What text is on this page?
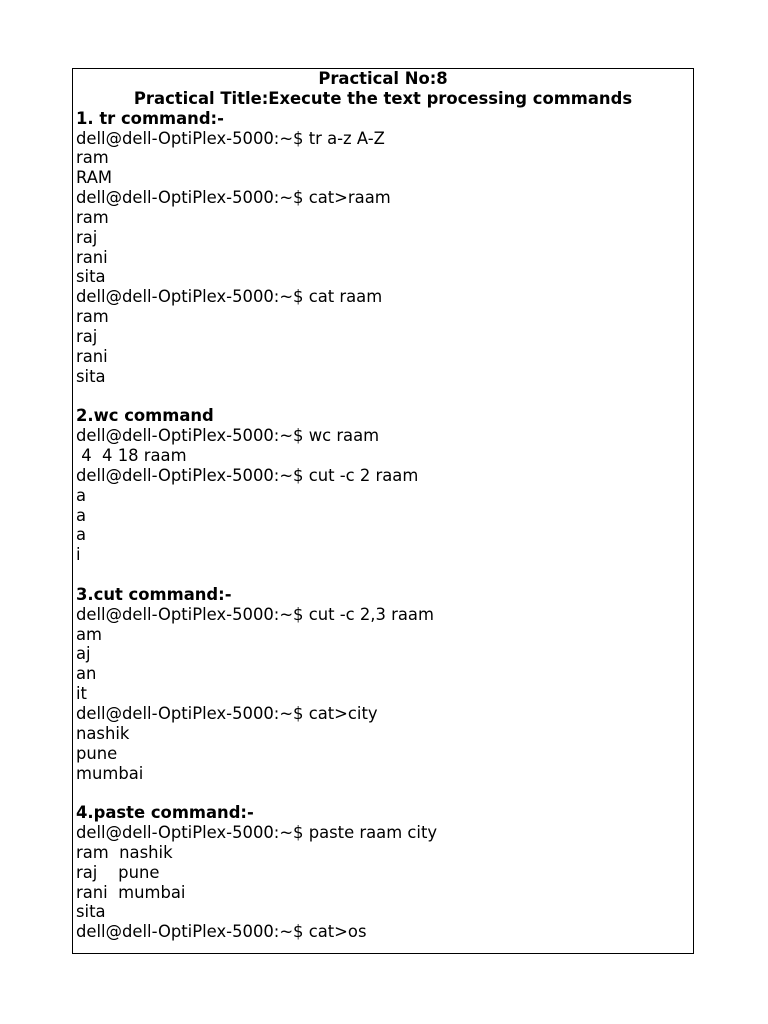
Practical No:8
Practical Title:Execute the text processing commands
1. tr command:-
dell@dell-OptiPlex-5000:~$ tr a-z A-Z
ram
RAM
dell@dell-OptiPlex-5000:~$ cat>raam
ram
raj
rani
sita
dell@dell-OptiPlex-5000:~$ cat raam
ram
raj
rani
sita
2.wc command
dell@dell-OptiPlex-5000:~$ wc raam
4  4 18 raam
dell@dell-OptiPlex-5000:~$ cut -c 2 raam
a
a
a
i
3.cut command:-
dell@dell-OptiPlex-5000:~$ cut -c 2,3 raam
am
aj
an
it
dell@dell-OptiPlex-5000:~$ cat>city
nashik
pune
mumbai
4.paste command:-
dell@dell-OptiPlex-5000:~$ paste raam city
ram  nashik
raj    pune
rani  mumbai
sita
dell@dell-OptiPlex-5000:~$ cat>os
